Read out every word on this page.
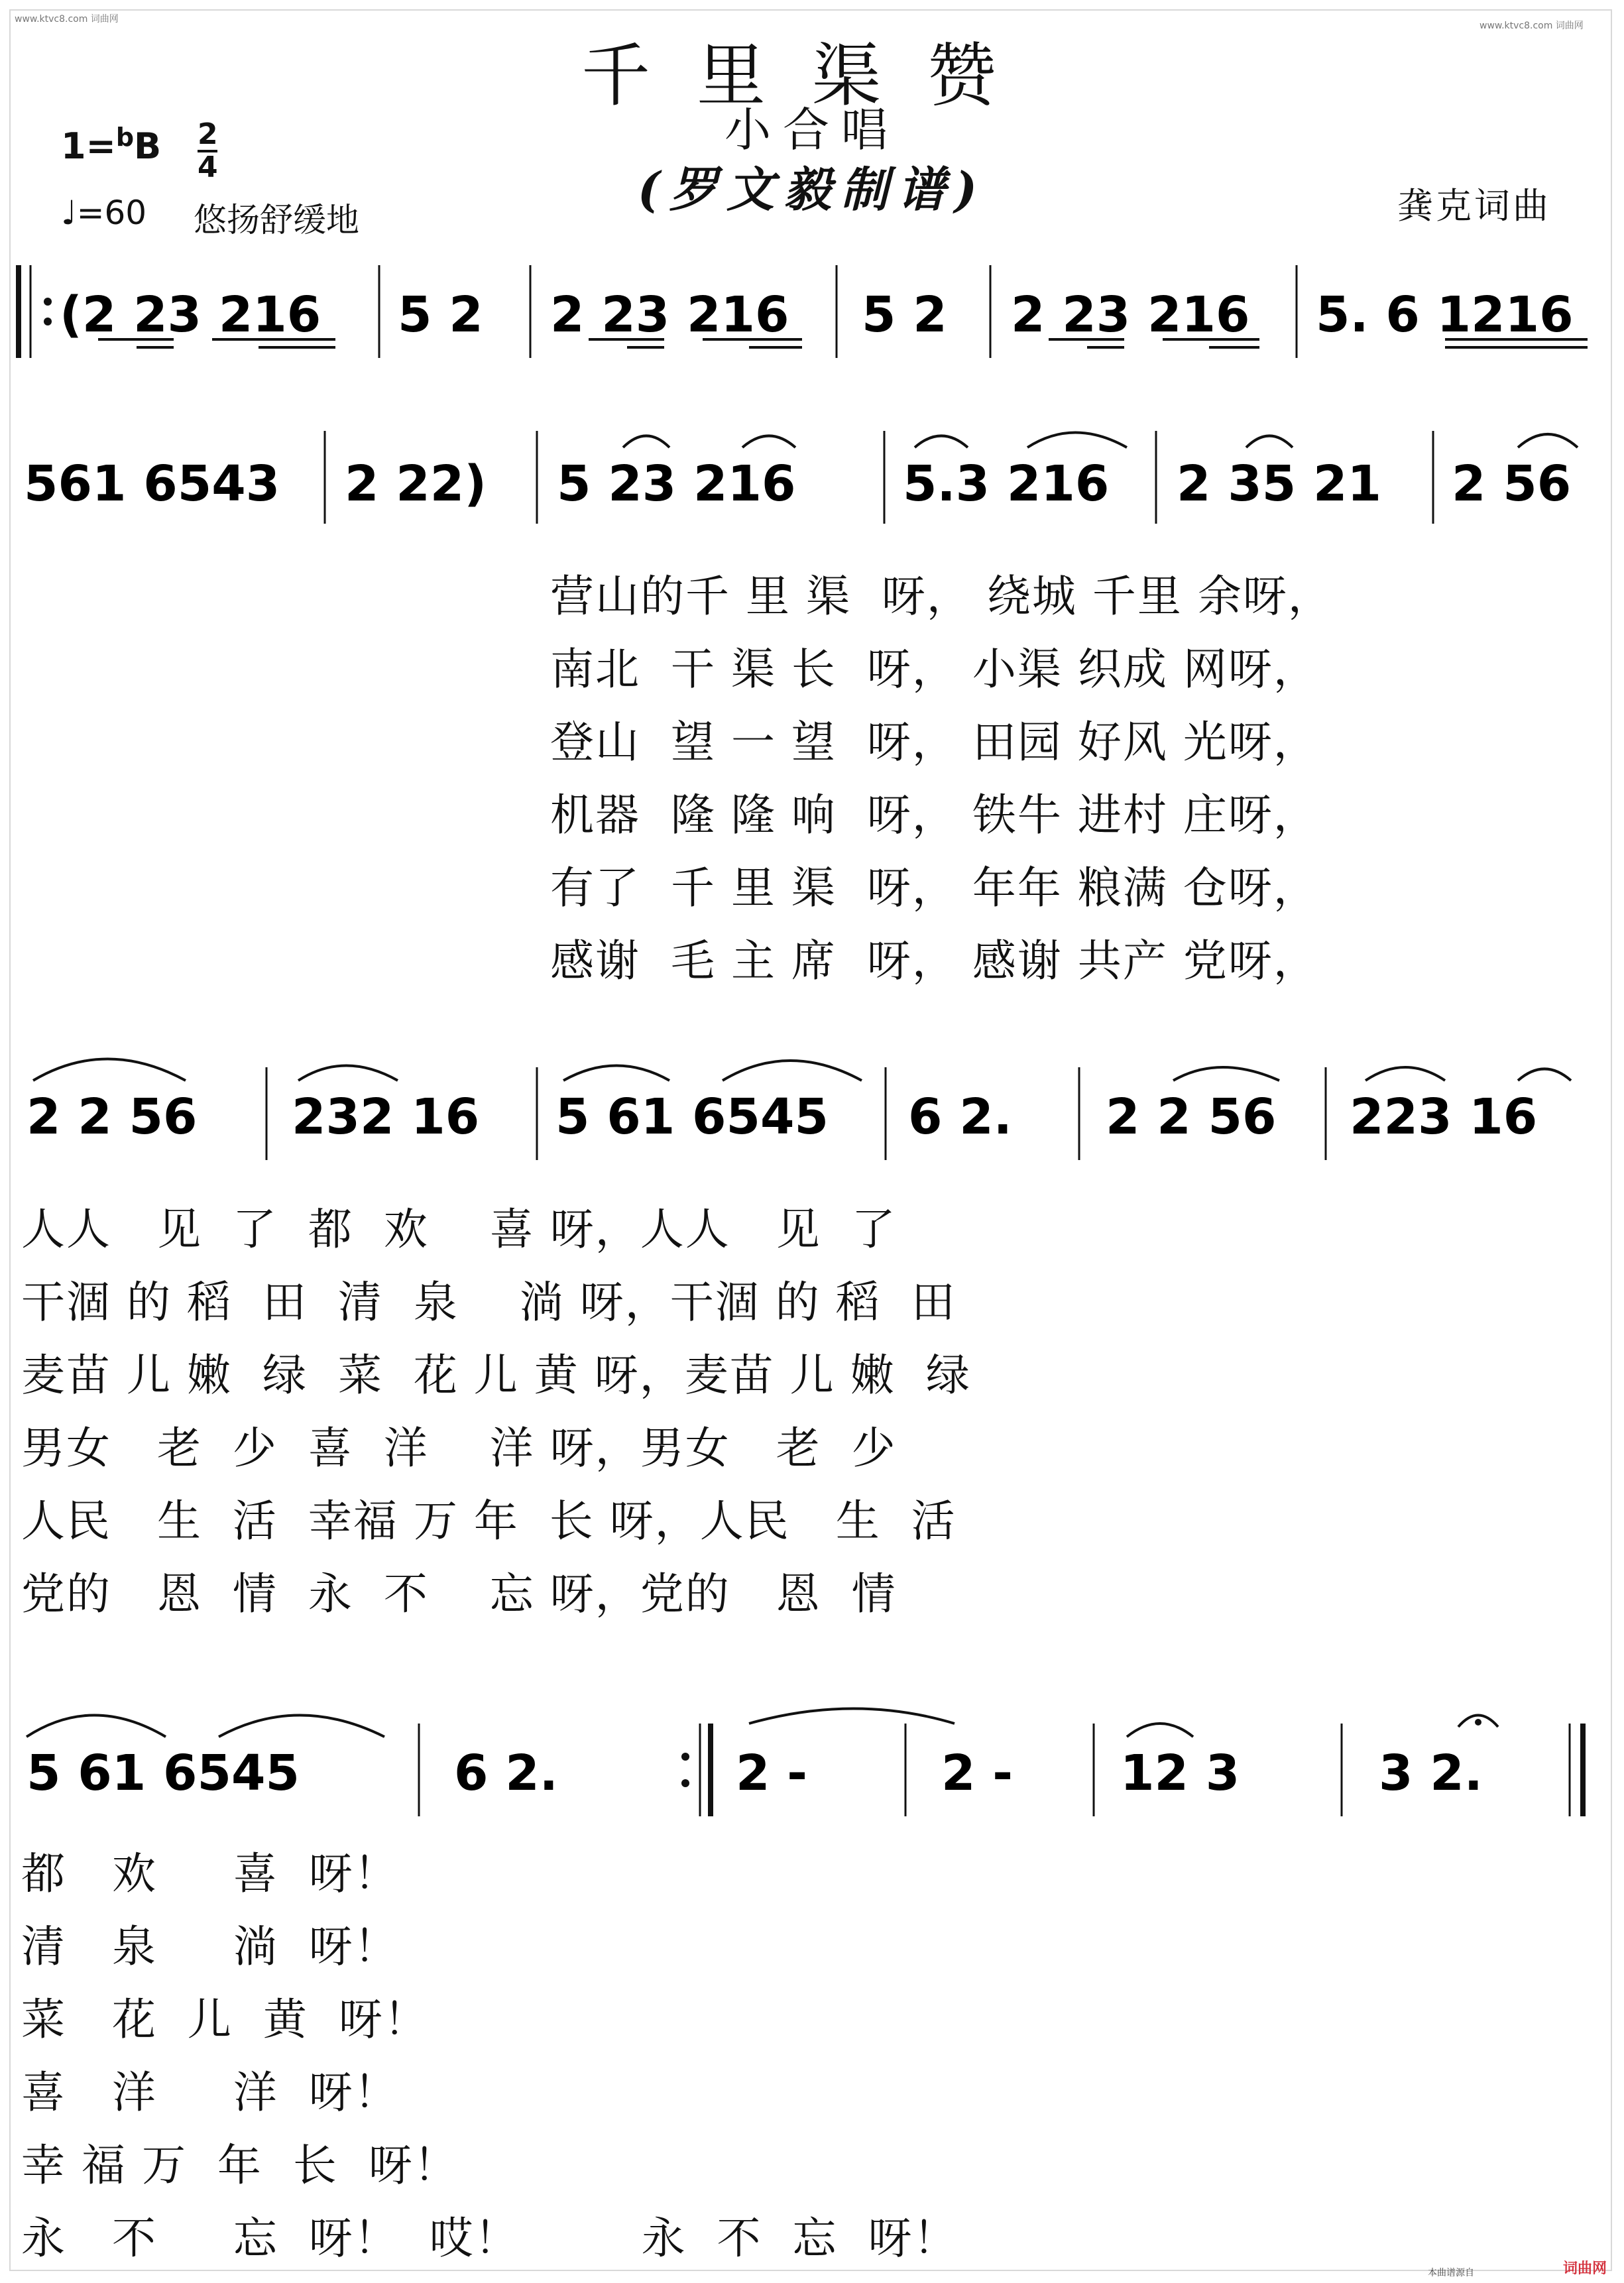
www.ktvc8.com 词曲网
www.ktvc8.com 词曲网
千里渠赞
小合唱
(罗文毅制谱)
1=$^b$B 2
4
♩=60 悠扬舒缓地	龚克词曲
(2 23 216 5 2 2 23 216 5 2 2 23 216 5. 6 1216
561 6543 2 22) 5 23 216 5.3 216 2 35 21 2 56
2 2 56 232 16 5 61 6545 6 2. 2 2 56 223 16
5 61 6545	6 2.	2 -	2 - 12 3	3 2.
营山的千 里 渠  呀， 绕城 千里 余呀，
南北  干 渠 长  呀， 小渠 织成 网呀，
登山  望 一 望  呀， 田园 好风 光呀，
机器  隆 隆 响  呀， 铁牛 进村 庄呀，
有了  千 里 渠  呀， 年年 粮满 仓呀，
感谢  毛 主 席  呀， 感谢 共产 党呀，
人人   见  了  都  欢    喜 呀，人人   见  了
干涸 的 稻  田  清  泉    淌 呀，干涸 的 稻  田
麦苗 儿 嫩  绿  菜  花 儿 黄 呀，麦苗 儿 嫩  绿
男女   老  少  喜  洋    洋 呀，男女   老  少
人民   生  活  幸福 万 年  长 呀，人民   生  活
党的   恩  情  永  不    忘 呀，党的   恩  情
都   欢     喜  呀！
清   泉     淌  呀！
菜   花  儿  黄  呀！
喜   洋     洋  呀！
幸 福 万  年  长  呀！
永   不     忘  呀！  哎！        永  不  忘  呀！
本曲谱源自	词曲网
